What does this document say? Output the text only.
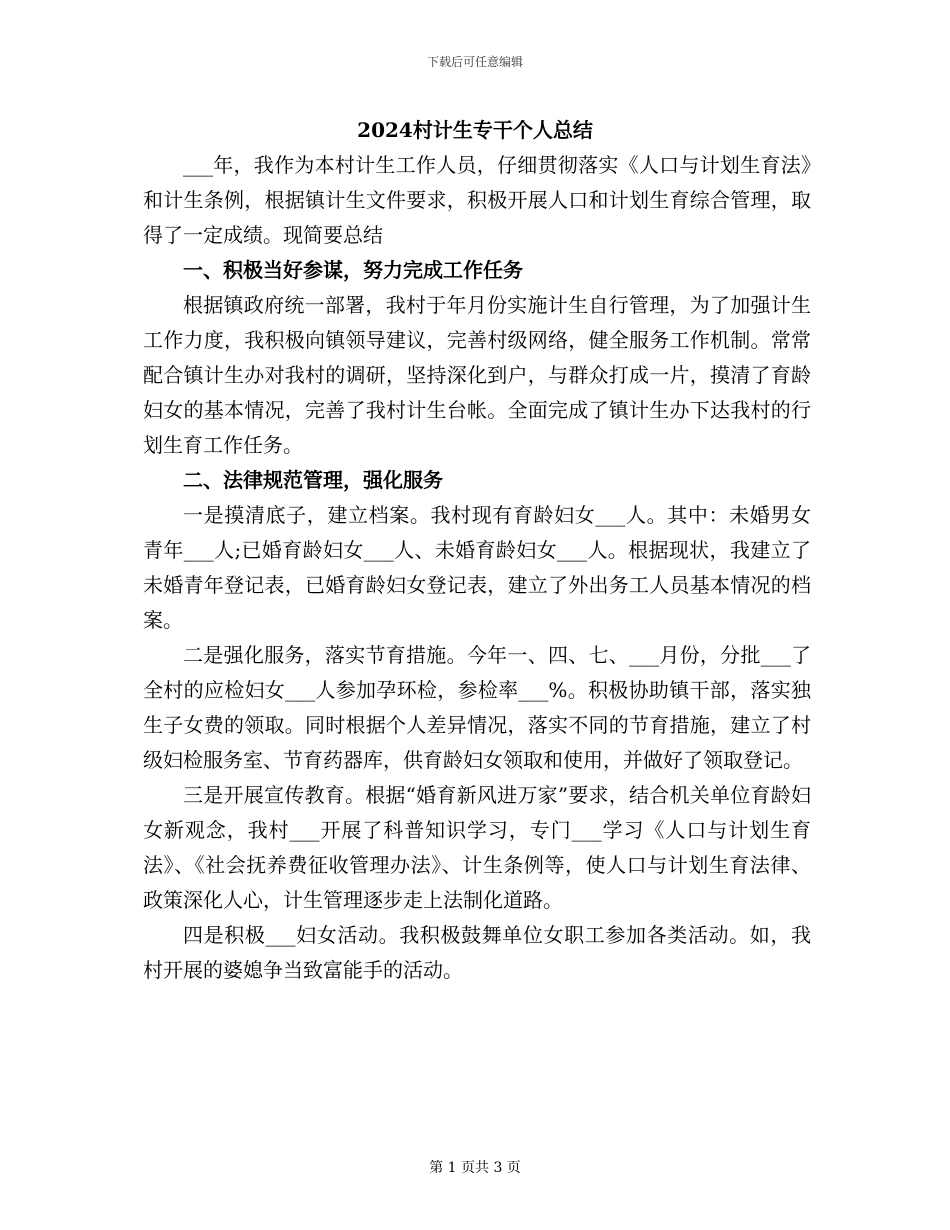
下载后可任意编辑
2024村计生专干个人总结

___年，我作为本村计生工作人员，仔细贯彻落实《人口与计划生育法》和计生条例，根据镇计生文件要求，积极开展人口和计划生育综合管理，取得了一定成绩。现简要总结

一、积极当好参谋，努力完成工作任务

根据镇政府统一部署，我村于年月份实施计生自行管理，为了加强计生工作力度，我积极向镇领导建议，完善村级网络，健全服务工作机制。常常配合镇计生办对我村的调研，坚持深化到户，与群众打成一片，摸清了育龄妇女的基本情况，完善了我村计生台帐。全面完成了镇计生办下达我村的行划生育工作任务。

二、法律规范管理，强化服务

一是摸清底子，建立档案。我村现有育龄妇女___人。其中：未婚男女青年___人;已婚育龄妇女___人、未婚育龄妇女___人。根据现状，我建立了未婚青年登记表，已婚育龄妇女登记表，建立了外出务工人员基本情况的档案。

二是强化服务，落实节育措施。今年一、四、七、___月份，分批___了全村的应检妇女___人参加孕环检，参检率___%。积极协助镇干部，落实独生子女费的领取。同时根据个人差异情况，落实不同的节育措施，建立了村级妇检服务室、节育药器库，供育龄妇女领取和使用，并做好了领取登记。

三是开展宣传教育。根据“婚育新风进万家”要求，结合机关单位育龄妇女新观念，我村___开展了科普知识学习，专门___学习《人口与计划生育法》、《社会抚养费征收管理办法》、计生条例等，使人口与计划生育法律、政策深化人心，计生管理逐步走上法制化道路。

四是积极___妇女活动。我积极鼓舞单位女职工参加各类活动。如，我村开展的婆媳争当致富能手的活动。

第 1 页共 3 页
